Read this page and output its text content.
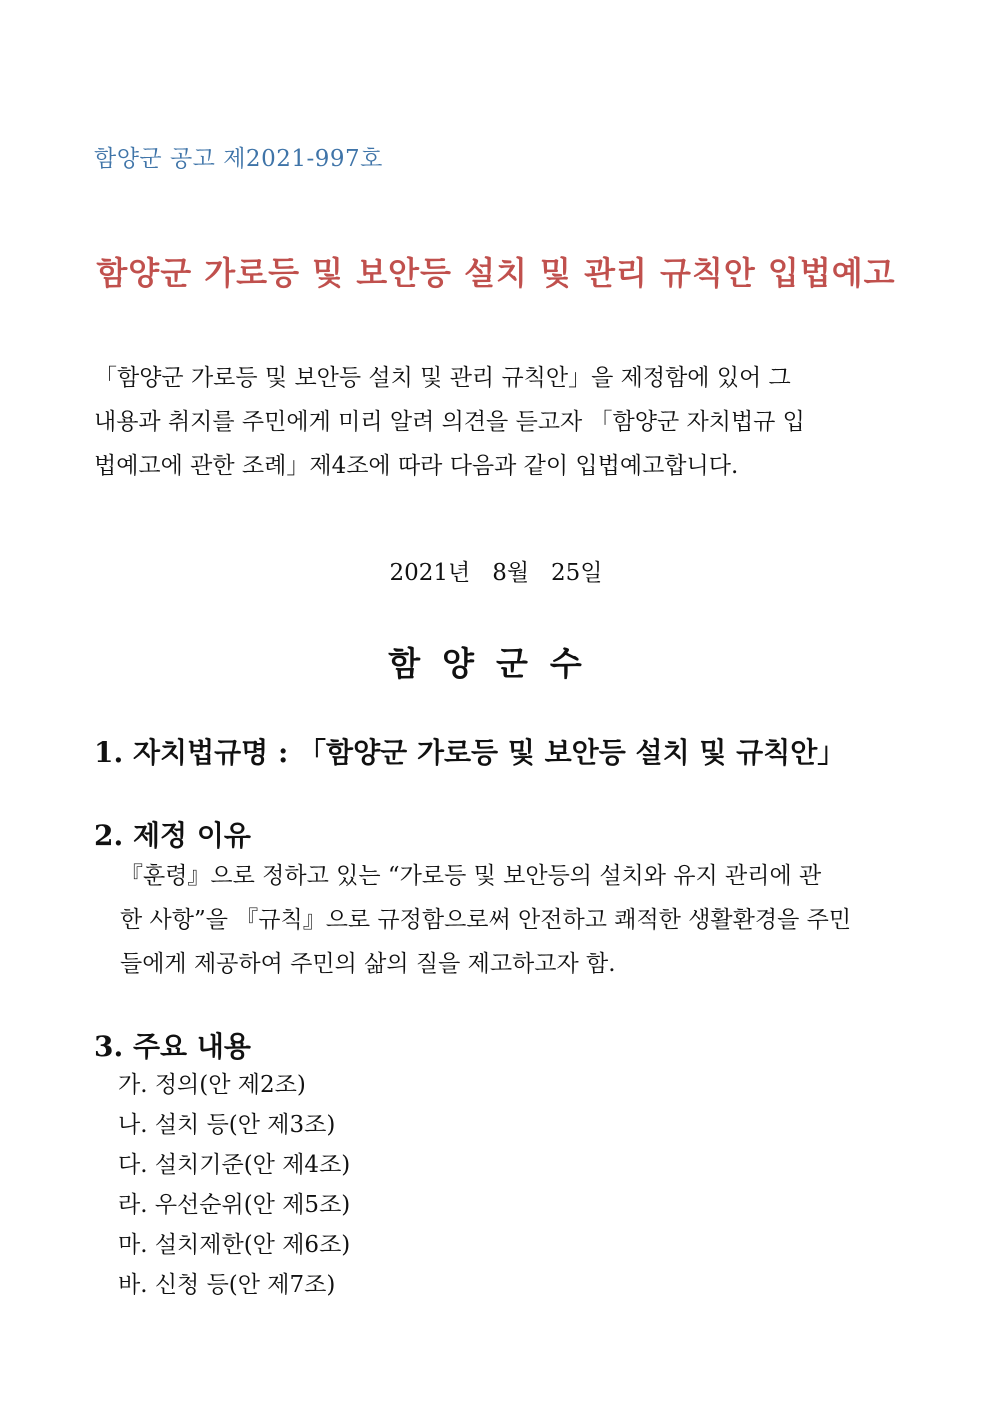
함양군 공고 제2021-997호
함양군 가로등 및 보안등 설치 및 관리 규칙안 입법예고
「함양군 가로등 및 보안등 설치 및 관리 규칙안」을 제정함에 있어 그
내용과 취지를 주민에게 미리 알려 의견을 듣고자 「함양군 자치법규 입
법예고에 관한 조례」제4조에 따라 다음과 같이 입법예고합니다.
2021년   8월   25일
함양군수
1. 자치법규명 : 「함양군 가로등 및 보안등 설치 및 규칙안」
2. 제정 이유
『훈령』으로 정하고 있는 “가로등 및 보안등의 설치와 유지 관리에 관
한 사항”을 『규칙』으로 규정함으로써 안전하고 쾌적한 생활환경을 주민
들에게 제공하여 주민의 삶의 질을 제고하고자 함.
3. 주요 내용
가. 정의(안 제2조)
나. 설치 등(안 제3조)
다. 설치기준(안 제4조)
라. 우선순위(안 제5조)
마. 설치제한(안 제6조)
바. 신청 등(안 제7조)
